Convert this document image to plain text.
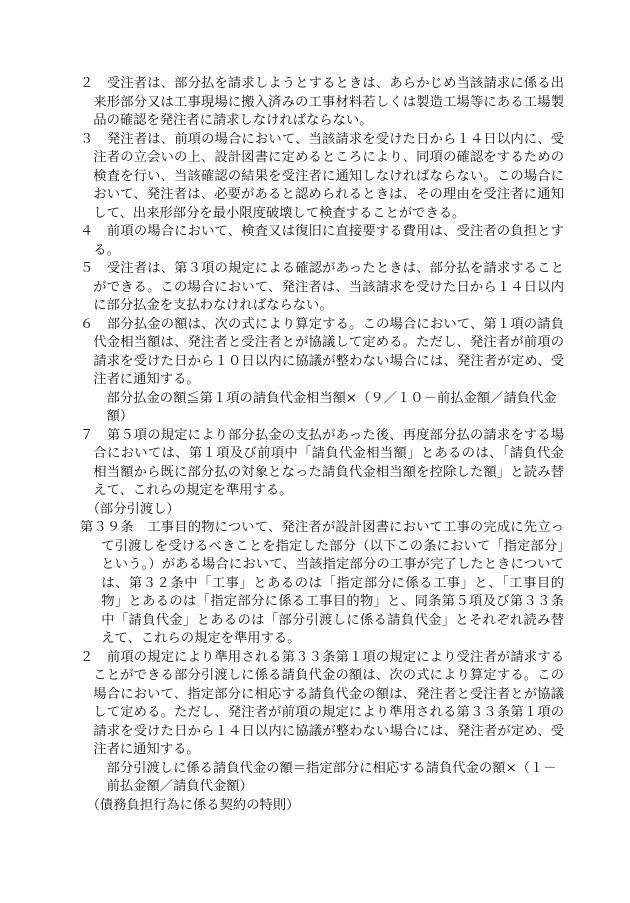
２　受注者は、部分払を請求しようとするときは、あらかじめ当該請求に係る出来形部分又は工事現場に搬入済みの工事材料若しくは製造工場等にある工場製品の確認を発注者に請求しなければならない。

３　発注者は、前項の場合において、当該請求を受けた日から１４日以内に、受注者の立会いの上、設計図書に定めるところにより、同項の確認をするための検査を行い、当該確認の結果を受注者に通知しなければならない。この場合において、発注者は、必要があると認められるときは、その理由を受注者に通知して、出来形部分を最小限度破壊して検査することができる。

４　前項の場合において、検査又は復旧に直接要する費用は、受注者の負担とする。

５　受注者は、第３項の規定による確認があったときは、部分払を請求することができる。この場合において、発注者は、当該請求を受けた日から１４日以内に部分払金を支払わなければならない。

６　部分払金の額は、次の式により算定する。この場合において、第１項の請負代金相当額は、発注者と受注者とが協議して定める。ただし、発注者が前項の請求を受けた日から１０日以内に協議が整わない場合には、発注者が定め、受注者に通知する。

部分払金の額≦第１項の請負代金相当額×（９／１０－前払金額／請負代金額）

７　第５項の規定により部分払金の支払があった後、再度部分払の請求をする場合においては、第１項及び前項中「請負代金相当額」とあるのは、「請負代金相当額から既に部分払の対象となった請負代金相当額を控除した額」と読み替えて、これらの規定を準用する。

（部分引渡し）

第３９条　工事目的物について、発注者が設計図書において工事の完成に先立って引渡しを受けるべきことを指定した部分（以下この条において「指定部分」という。）がある場合において、当該指定部分の工事が完了したときについては、第３２条中「工事」とあるのは「指定部分に係る工事」と、「工事目的物」とあるのは「指定部分に係る工事目的物」と、同条第５項及び第３３条中「請負代金」とあるのは「部分引渡しに係る請負代金」とそれぞれ読み替えて、これらの規定を準用する。

２　前項の規定により準用される第３３条第１項の規定により受注者が請求することができる部分引渡しに係る請負代金の額は、次の式により算定する。この場合において、指定部分に相応する請負代金の額は、発注者と受注者とが協議して定める。ただし、発注者が前項の規定により準用される第３３条第１項の請求を受けた日から１４日以内に協議が整わない場合には、発注者が定め、受注者に通知する。

部分引渡しに係る請負代金の額＝指定部分に相応する請負代金の額×（１－前払金額／請負代金額）

（債務負担行為に係る契約の特則）
